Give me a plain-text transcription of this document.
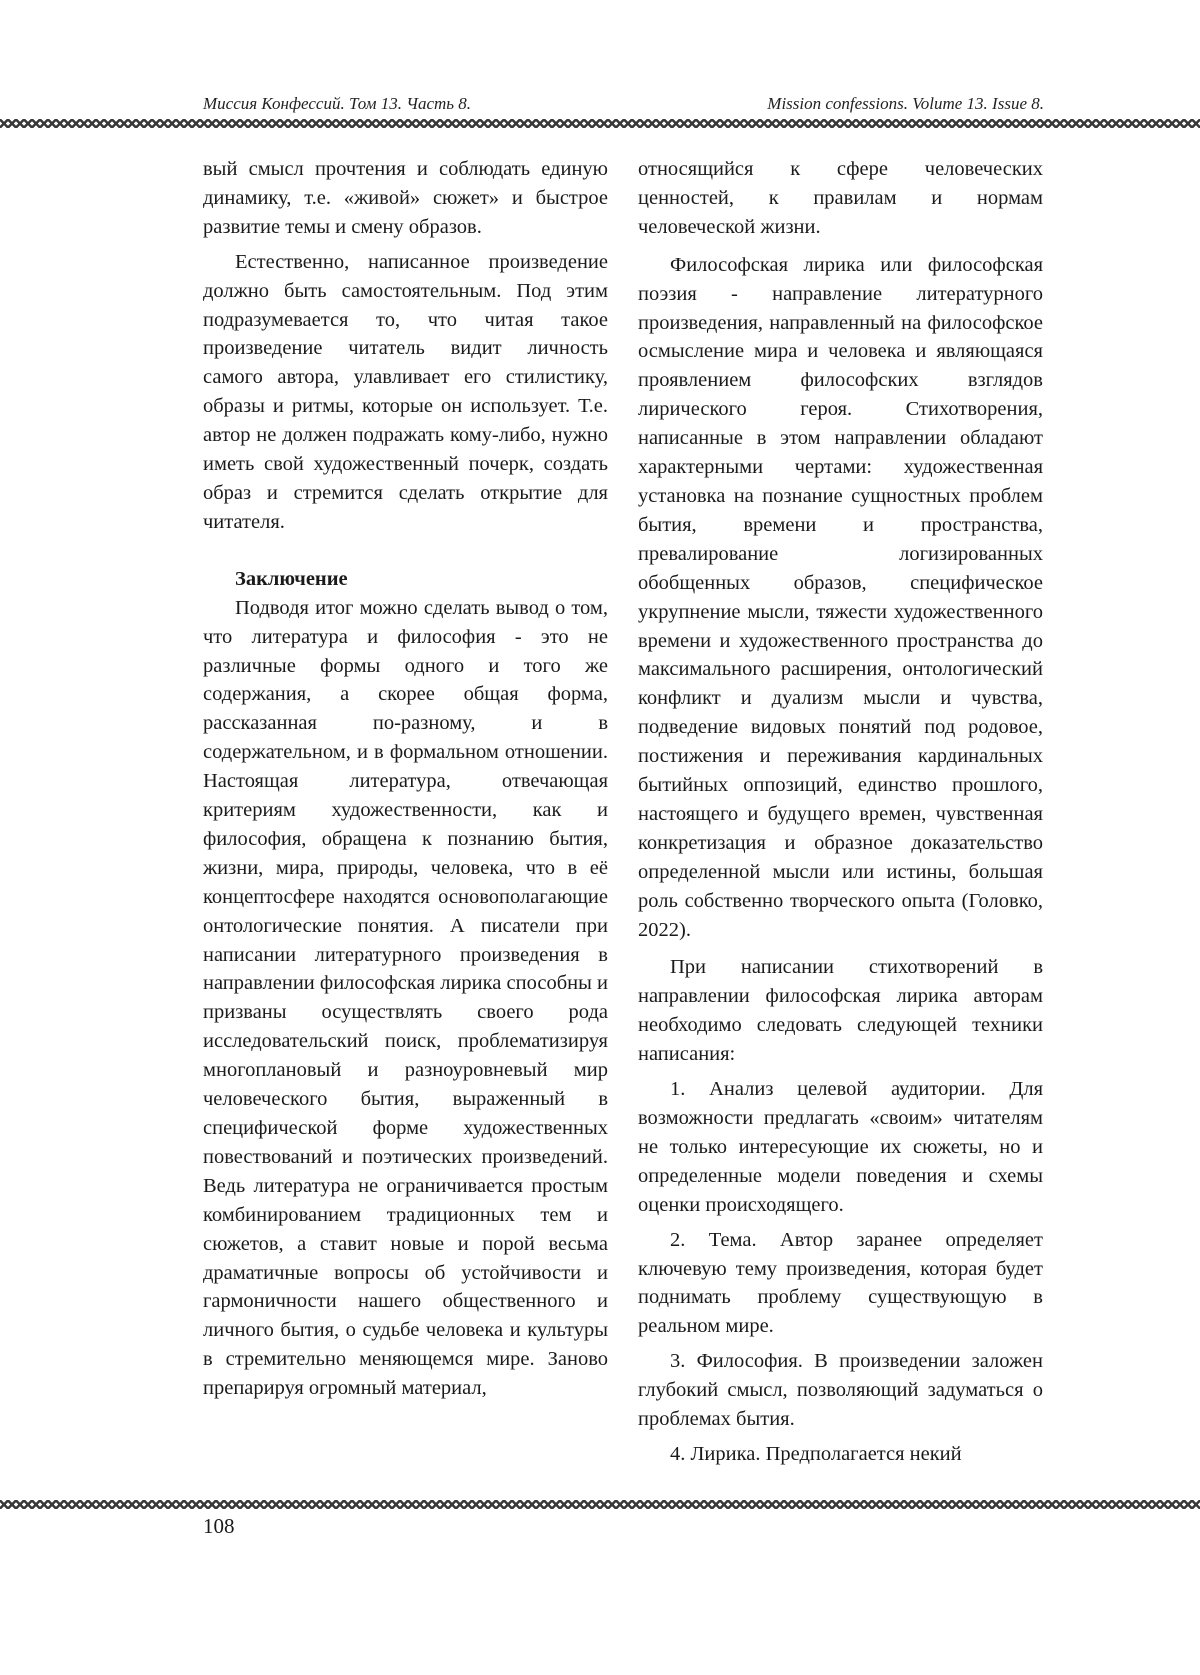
Миссия Конфессий. Том 13. Часть 8.	Mission confessions. Volume 13. Issue 8.

вый смысл прочтения и соблюдать единую динамику, т.е. «живой» сюжет» и быстрое развитие темы и смену образов.

Естественно, написанное произведение должно быть самостоятельным. Под этим подразумевается то, что читая такое произведение читатель видит личность самого автора, улавливает его стилистику, образы и ритмы, которые он использует. Т.е. автор не должен подражать кому-либо, нужно иметь свой художественный почерк, создать образ и стремится сделать открытие для читателя.

Заключение

Подводя итог можно сделать вывод о том, что литература и философия - это не различные формы одного и того же содержания, а скорее общая форма, рассказанная по-разному, и в содержательном, и в формальном отношении. Настоящая литература, отвечающая критериям художественности, как и философия, обращена к познанию бытия, жизни, мира, природы, человека, что в её концептосфере находятся основополагающие онтологические понятия. А писатели при написании литературного произведения в направлении философская лирика способны и призваны осуществлять своего рода исследовательский поиск, проблематизируя многоплановый и разноуровневый мир человеческого бытия, выраженный в специфической форме художественных повествований и поэтических произведений. Ведь литература не ограничивается простым комбинированием традиционных тем и сюжетов, а ставит новые и порой весьма драматичные вопросы об устойчивости и гармоничности нашего общественного и личного бытия, о судьбе человека и культуры в стремительно меняющемся мире. Заново препарируя огромный материал,

относящийся к сфере человеческих ценностей, к правилам и нормам человеческой жизни.

Философская лирика или философская поэзия - направление литературного произведения, направленный на философское осмысление мира и человека и являющаяся проявлением философских взглядов лирического героя. Стихотворения, написанные в этом направлении обладают характерными чертами: художественная установка на познание сущностных проблем бытия, времени и пространства, превалирование логизированных обобщенных образов, специфическое укрупнение мысли, тяжести художественного времени и художественного пространства до максимального расширения, онтологический конфликт и дуализм мысли и чувства, подведение видовых понятий под родовое, постижения и переживания кардинальных бытийных оппозиций, единство прошлого, настоящего и будущего времен, чувственная конкретизация и образное доказательство определенной мысли или истины, большая роль собственно творческого опыта (Головко, 2022).

При написании стихотворений в направлении философская лирика авторам необходимо следовать следующей техники написания:

1. Анализ целевой аудитории. Для возможности предлагать «своим» читателям не только интересующие их сюжеты, но и определенные модели поведения и схемы оценки происходящего.

2. Тема. Автор заранее определяет ключевую тему произведения, которая будет поднимать проблему существующую в реальном мире.

3. Философия. В произведении заложен глубокий смысл, позволяющий задуматься о проблемах бытия.

4. Лирика. Предполагается некий

108
